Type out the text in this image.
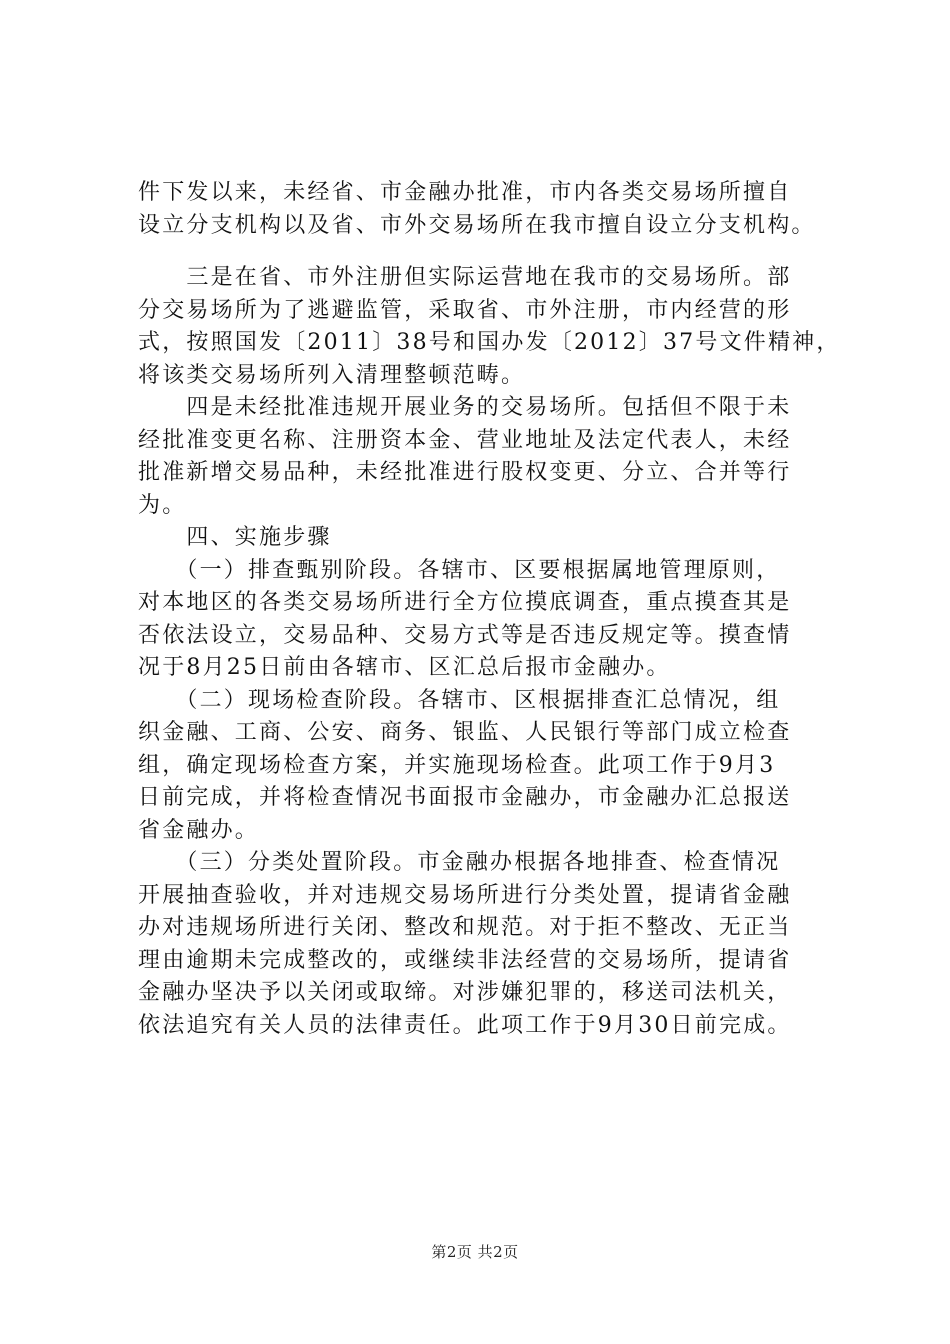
件下发以来，未经省、市金融办批准，市内各类交易场所擅自
设立分支机构以及省、市外交易场所在我市擅自设立分支机构。
　　三是在省、市外注册但实际运营地在我市的交易场所。部
分交易场所为了逃避监管，采取省、市外注册，市内经营的形
式，按照国发〔2011〕38号和国办发〔2012〕37号文件精神，
将该类交易场所列入清理整顿范畴。
　　四是未经批准违规开展业务的交易场所。包括但不限于未
经批准变更名称、注册资本金、营业地址及法定代表人，未经
批准新增交易品种，未经批准进行股权变更、分立、合并等行
为。
　　四、实施步骤
　　（一）排查甄别阶段。各辖市、区要根据属地管理原则，
对本地区的各类交易场所进行全方位摸底调查，重点摸查其是
否依法设立，交易品种、交易方式等是否违反规定等。摸查情
况于8月25日前由各辖市、区汇总后报市金融办。
　　（二）现场检查阶段。各辖市、区根据排查汇总情况，组
织金融、工商、公安、商务、银监、人民银行等部门成立检查
组，确定现场检查方案，并实施现场检查。此项工作于9月3
日前完成，并将检查情况书面报市金融办，市金融办汇总报送
省金融办。
　　（三）分类处置阶段。市金融办根据各地排查、检查情况
开展抽查验收，并对违规交易场所进行分类处置，提请省金融
办对违规场所进行关闭、整改和规范。对于拒不整改、无正当
理由逾期未完成整改的，或继续非法经营的交易场所，提请省
金融办坚决予以关闭或取缔。对涉嫌犯罪的，移送司法机关，
依法追究有关人员的法律责任。此项工作于9月30日前完成。
第2页 共2页
